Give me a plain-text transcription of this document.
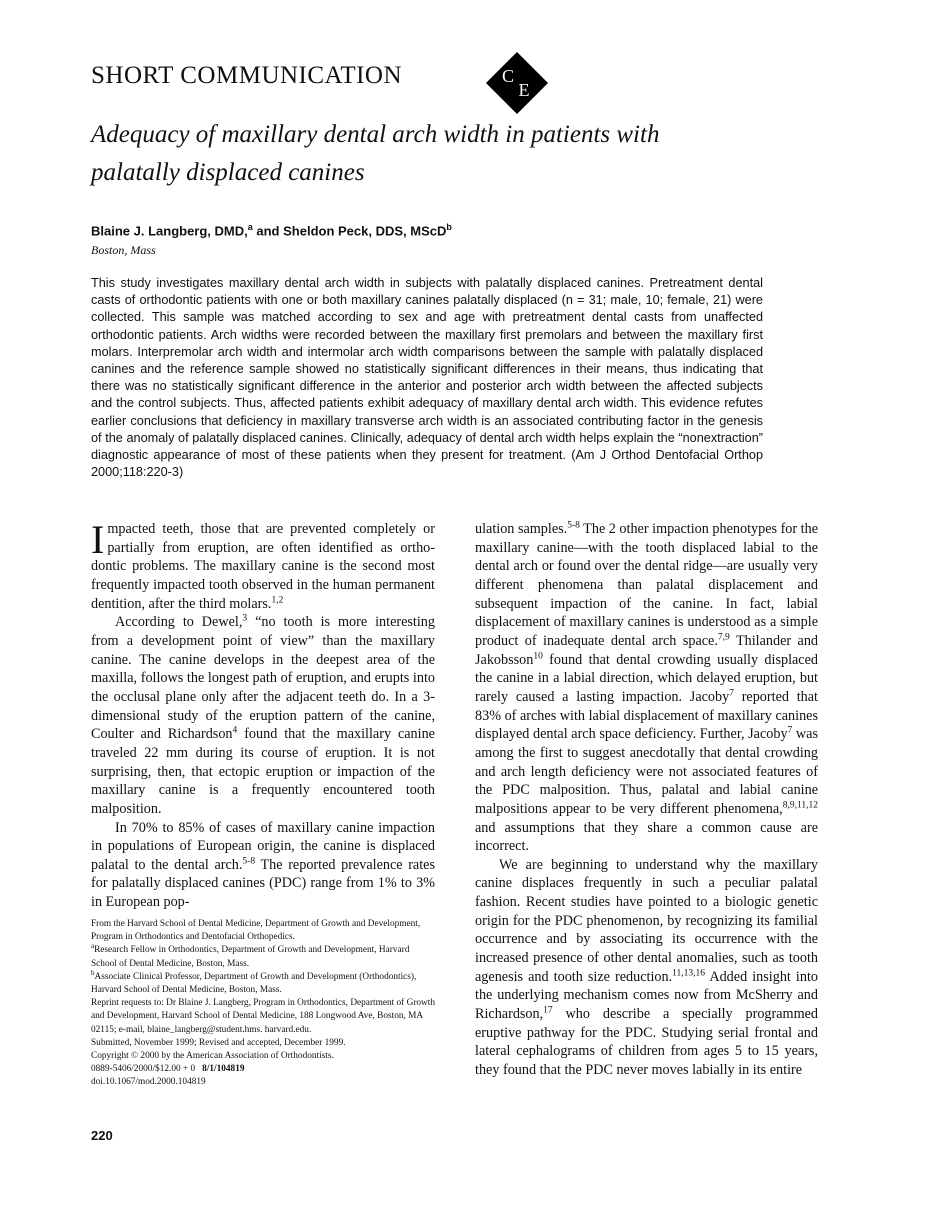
SHORT COMMUNICATION	C
E
Adequacy of maxillary dental arch width in patients with
palatally displaced canines
Blaine J. Langberg, DMD,$^a$ and Sheldon Peck, DDS, MScD$^b$
Boston, Mass
This study investigates maxillary dental arch width in subjects with palatally displaced canines. Pretreatment dental casts of orthodontic patients with one or both maxillary canines palatally displaced (n = 31; male, 10; female, 21) were collected. This sample was matched according to sex and age with pretreatment dental casts from unaffected orthodontic patients. Arch widths were recorded between the maxillary first premolars and between the maxillary first molars. Interpremolar arch width and intermolar arch width comparisons between the sample with palatally displaced canines and the reference sample showed no statistically significant differences in their means, thus indicating that there was no statistically significant difference in the anterior and posterior arch width between the affected subjects and the control subjects. Thus, affected patients exhibit adequacy of maxillary dental arch width. This evidence refutes earlier conclusions that deficiency in maxillary transverse arch width is an associated contributing factor in the genesis of the anomaly of palatally displaced canines. Clinically, adequacy of dental arch width helps explain the “nonextraction” diagnostic appearance of most of these patients when they present for treatment. (Am J Orthod Dentofacial Orthop 2000;118:220-3)

Impacted teeth, those that are prevented completely or partially from eruption, are often identified as orthodontic problems. The maxillary canine is the second most frequently impacted tooth observed in the human permanent dentition, after the third molars.$^{1,2}$

According to Dewel,$^3$ “no tooth is more interesting from a development point of view” than the maxillary canine. The canine develops in the deepest area of the maxilla, follows the longest path of eruption, and erupts into the occlusal plane only after the adjacent teeth do. In a 3-dimensional study of the eruption pattern of the canine, Coulter and Richardson$^4$ found that the maxillary canine traveled 22 mm during its course of eruption. It is not surprising, then, that ectopic eruption or impaction of the maxillary canine is a frequently encountered tooth malposition.

In 70% to 85% of cases of maxillary canine impaction in populations of European origin, the canine is displaced palatal to the dental arch.$^{5-8}$ The reported prevalence rates for palatally displaced canines (PDC) range from 1% to 3% in European pop-

From the Harvard School of Dental Medicine, Department of Growth and Development, Program in Orthodontics and Dentofacial Orthopedics.
$^a$Research Fellow in Orthodontics, Department of Growth and Development, Harvard School of Dental Medicine, Boston, Mass.
$^b$Associate Clinical Professor, Department of Growth and Development (Orthodontics), Harvard School of Dental Medicine, Boston, Mass.
Reprint requests to: Dr Blaine J. Langberg, Program in Orthodontics, Department of Growth and Development, Harvard School of Dental Medicine, 188 Longwood Ave, Boston, MA 02115; e-mail, blaine_langberg@student.hms. harvard.edu.
Submitted, November 1999; Revised and accepted, December 1999.
Copyright © 2000 by the American Association of Orthodontists.
0889-5406/2000/$12.00 + 0 8/1/104819
doi.10.1067/mod.2000.104819

ulation samples.$^{5-8}$ The 2 other impaction phenotypes for the maxillary canine—with the tooth displaced labial to the dental arch or found over the dental ridge—are usually very different phenomena than palatal displacement and subsequent impaction of the canine. In fact, labial displacement of maxillary canines is understood as a simple product of inadequate dental arch space.$^{7,9}$ Thilander and Jakobsson$^{10}$ found that dental crowding usually displaced the canine in a labial direction, which delayed eruption, but rarely caused a lasting impaction. Jacoby$^7$ reported that 83% of arches with labial displacement of maxillary canines displayed dental arch space deficiency. Further, Jacoby$^7$ was among the first to suggest anecdotally that dental crowding and arch length deficiency were not associated features of the PDC malposition. Thus, palatal and labial canine malpositions appear to be very different phenomena,$^{8,9,11,12}$ and assumptions that they share a common cause are incorrect.

We are beginning to understand why the maxillary canine displaces frequently in such a peculiar palatal fashion. Recent studies have pointed to a biologic genetic origin for the PDC phenomenon, by recognizing its familial occurrence and by associating its occurrence with the increased presence of other dental anomalies, such as tooth agenesis and tooth size reduction.$^{11,13,16}$ Added insight into the underlying mechanism comes now from McSherry and Richardson,$^{17}$ who describe a specially programmed eruptive pathway for the PDC. Studying serial frontal and lateral cephalograms of children from ages 5 to 15 years, they found that the PDC never moves labially in its entire

220
